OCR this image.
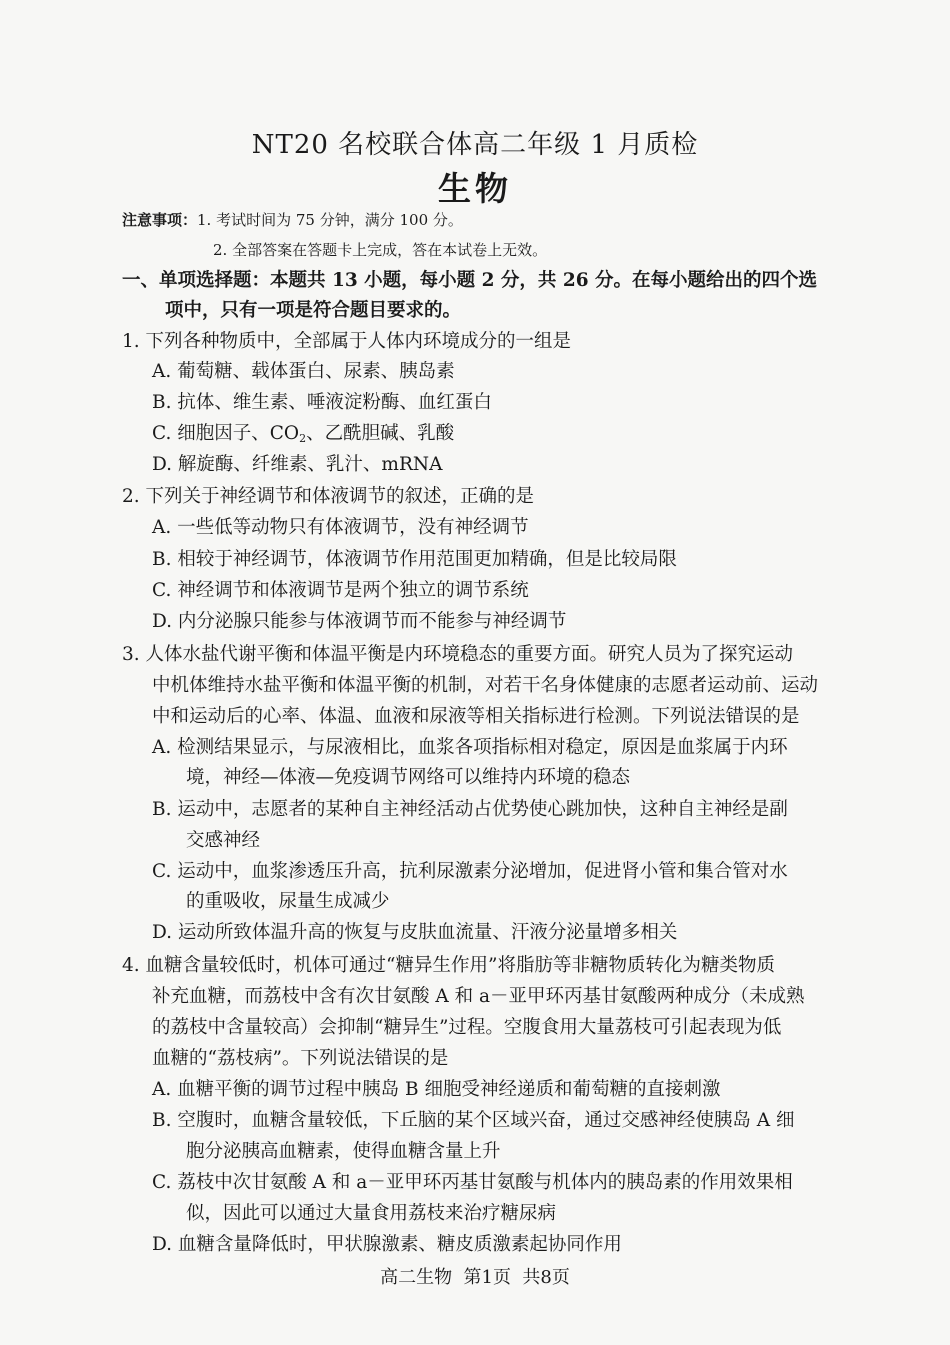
NT20 名校联合体高二年级 1 月质检
生物
注意事项：1. 考试时间为 75 分钟，满分 100 分。
2. 全部答案在答题卡上完成，答在本试卷上无效。
一、单项选择题：本题共 13 小题，每小题 2 分，共 26 分。在每小题给出的四个选
项中，只有一项是符合题目要求的。
1. 下列各种物质中，全部属于人体内环境成分的一组是
A. 葡萄糖、载体蛋白、尿素、胰岛素
B. 抗体、维生素、唾液淀粉酶、血红蛋白
C. 细胞因子、$CO_2$、乙酰胆碱、乳酸
D. 解旋酶、纤维素、乳汁、mRNA
2. 下列关于神经调节和体液调节的叙述，正确的是
A. 一些低等动物只有体液调节，没有神经调节
B. 相较于神经调节，体液调节作用范围更加精确，但是比较局限
C. 神经调节和体液调节是两个独立的调节系统
D. 内分泌腺只能参与体液调节而不能参与神经调节
3. 人体水盐代谢平衡和体温平衡是内环境稳态的重要方面。研究人员为了探究运动
中机体维持水盐平衡和体温平衡的机制，对若干名身体健康的志愿者运动前、运动
中和运动后的心率、体温、血液和尿液等相关指标进行检测。下列说法错误的是
A. 检测结果显示，与尿液相比，血浆各项指标相对稳定，原因是血浆属于内环
境，神经—体液—免疫调节网络可以维持内环境的稳态
B. 运动中，志愿者的某种自主神经活动占优势使心跳加快，这种自主神经是副
交感神经
C. 运动中，血浆渗透压升高，抗利尿激素分泌增加，促进肾小管和集合管对水
的重吸收，尿量生成减少
D. 运动所致体温升高的恢复与皮肤血流量、汗液分泌量增多相关
4. 血糖含量较低时，机体可通过“糖异生作用”将脂肪等非糖物质转化为糖类物质
补充血糖，而荔枝中含有次甘氨酸 A 和 a－亚甲环丙基甘氨酸两种成分（未成熟
的荔枝中含量较高）会抑制“糖异生”过程。空腹食用大量荔枝可引起表现为低
血糖的“荔枝病”。下列说法错误的是
A. 血糖平衡的调节过程中胰岛 B 细胞受神经递质和葡萄糖的直接刺激
B. 空腹时，血糖含量较低，下丘脑的某个区域兴奋，通过交感神经使胰岛 A 细
胞分泌胰高血糖素，使得血糖含量上升
C. 荔枝中次甘氨酸 A 和 a－亚甲环丙基甘氨酸与机体内的胰岛素的作用效果相
似，因此可以通过大量食用荔枝来治疗糖尿病
D. 血糖含量降低时，甲状腺激素、糖皮质激素起协同作用
高二生物  第1页  共8页
